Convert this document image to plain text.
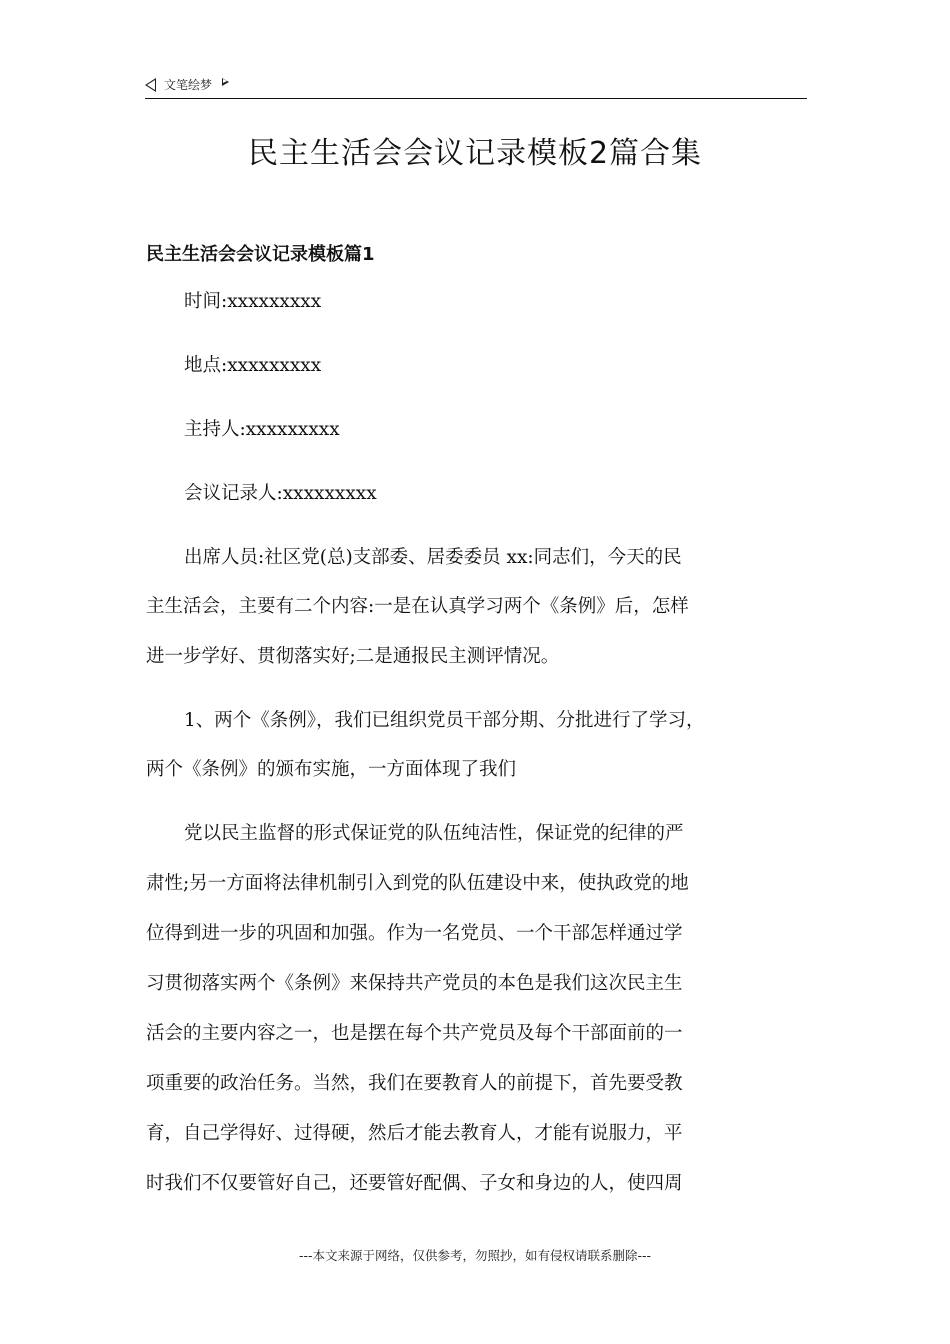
文笔绘梦
民主生活会会议记录模板2篇合集
民主生活会会议记录模板篇1
时间:xxxxxxxxx
地点:xxxxxxxxx
主持人:xxxxxxxxx
会议记录人:xxxxxxxxx
出席人员:社区党(总)支部委、居委委员 xx:同志们，今天的民
主生活会，主要有二个内容:一是在认真学习两个《条例》后，怎样
进一步学好、贯彻落实好;二是通报民主测评情况。
1、两个《条例》，我们已组织党员干部分期、分批进行了学习，
两个《条例》的颁布实施，一方面体现了我们
党以民主监督的形式保证党的队伍纯洁性，保证党的纪律的严
肃性;另一方面将法律机制引入到党的队伍建设中来，使执政党的地
位得到进一步的巩固和加强。作为一名党员、一个干部怎样通过学
习贯彻落实两个《条例》来保持共产党员的本色是我们这次民主生
活会的主要内容之一，也是摆在每个共产党员及每个干部面前的一
项重要的政治任务。当然，我们在要教育人的前提下，首先要受教
育，自己学得好、过得硬，然后才能去教育人，才能有说服力，平
时我们不仅要管好自己，还要管好配偶、子女和身边的人，使四周
---本文来源于网络，仅供参考，勿照抄，如有侵权请联系删除---
